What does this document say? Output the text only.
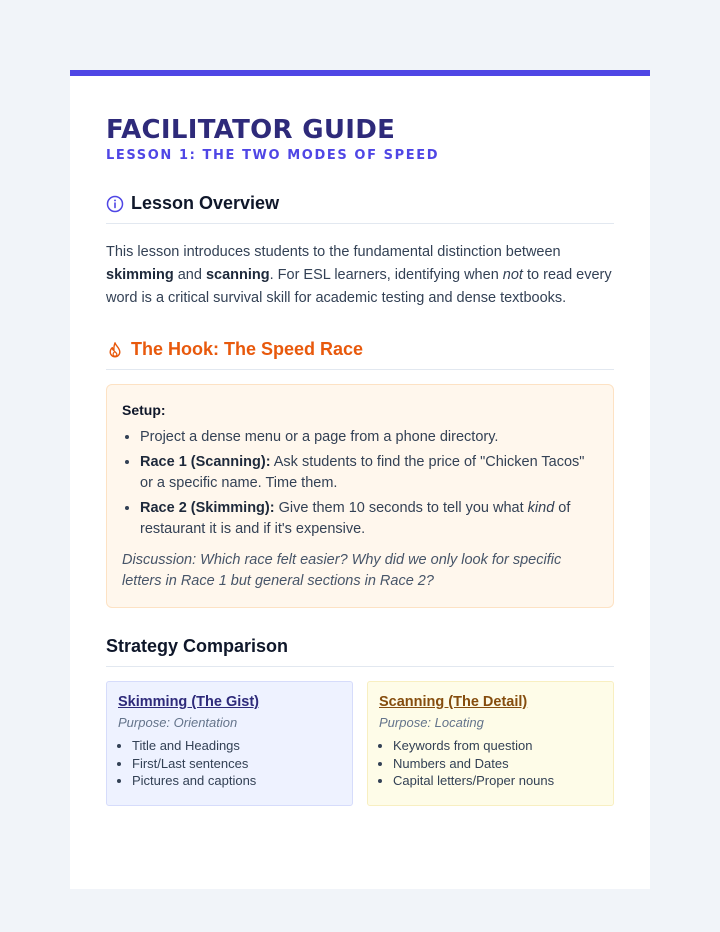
FACILITATOR GUIDE
LESSON 1: THE TWO MODES OF SPEED
Lesson Overview

This lesson introduces students to the fundamental distinction between skimming and scanning. For ESL learners, identifying when not to read every word is a critical survival skill for academic testing and dense textbooks.

The Hook: The Speed Race
Setup:
• Project a dense menu or a page from a phone directory.
• Race 1 (Scanning): Ask students to find the price of "Chicken Tacos" or a specific name. Time them.
• Race 2 (Skimming): Give them 10 seconds to tell you what kind of restaurant it is and if it's expensive.

Discussion: Which race felt easier? Why did we only look for specific letters in Race 1 but general sections in Race 2?

Strategy Comparison
Skimming (The Gist)
Purpose: Orientation
• Title and Headings
• First/Last sentences
• Pictures and captions
Scanning (The Detail)
Purpose: Locating
• Keywords from question
• Numbers and Dates
• Capital letters/Proper nouns
